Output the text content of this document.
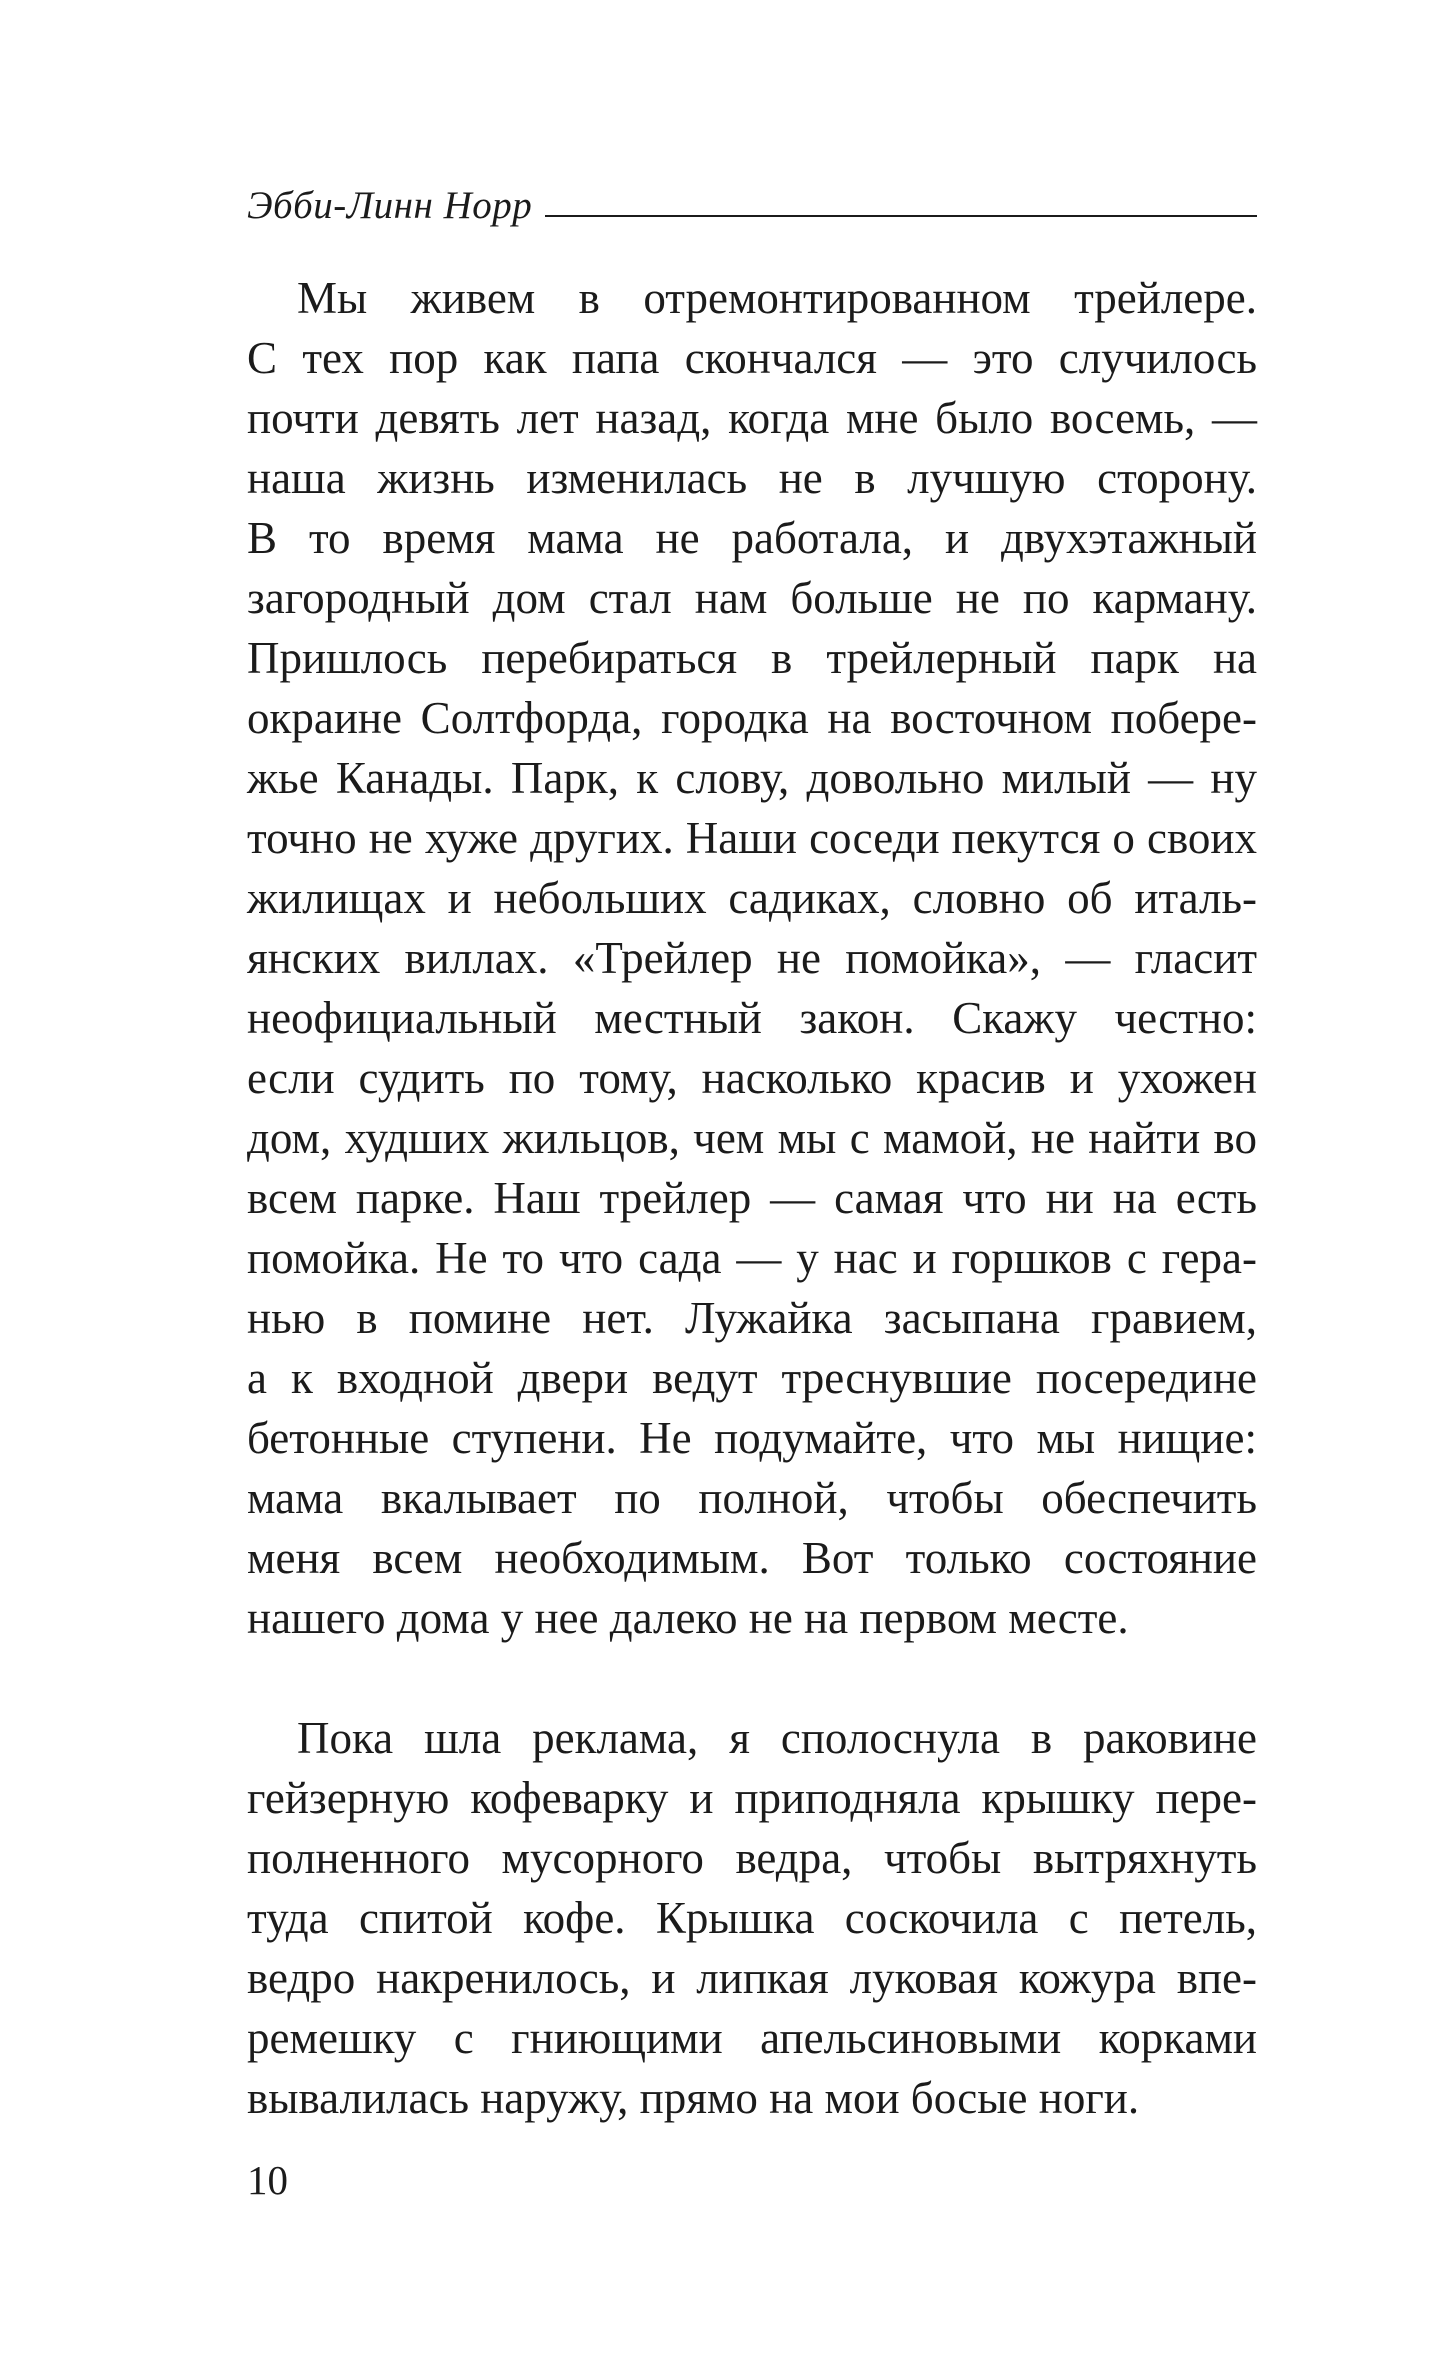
Эбби-Линн Норр
Мы живем в отремонтированном трейлере.
С тех пор как папа скончался — это случилось
почти девять лет назад, когда мне было восемь, —
наша жизнь изменилась не в лучшую сторону.
В то время мама не работала, и двухэтажный
загородный дом стал нам больше не по карману.
Пришлось перебираться в трейлерный парк на
окраине Солтфорда, городка на восточном побере-
жье Канады. Парк, к слову, довольно милый — ну
точно не хуже других. Наши соседи пекутся о своих
жилищах и небольших садиках, словно об италь-
янских виллах. «Трейлер не помойка», — гласит
неофициальный местный закон. Скажу честно:
если судить по тому, насколько красив и ухожен
дом, худших жильцов, чем мы с мамой, не найти во
всем парке. Наш трейлер — самая что ни на есть
помойка. Не то что сада — у нас и горшков с гера-
нью в помине нет. Лужайка засыпана гравием,
а к входной двери ведут треснувшие посередине
бетонные ступени. Не подумайте, что мы нищие:
мама вкалывает по полной, чтобы обеспечить
меня всем необходимым. Вот только состояние
нашего дома у нее далеко не на первом месте.
Пока шла реклама, я сполоснула в раковине
гейзерную кофеварку и приподняла крышку пере-
полненного мусорного ведра, чтобы вытряхнуть
туда спитой кофе. Крышка соскочила с петель,
ведро накренилось, и липкая луковая кожура впе-
ремешку с гниющими апельсиновыми корками
вывалилась наружу, прямо на мои босые ноги.
10
